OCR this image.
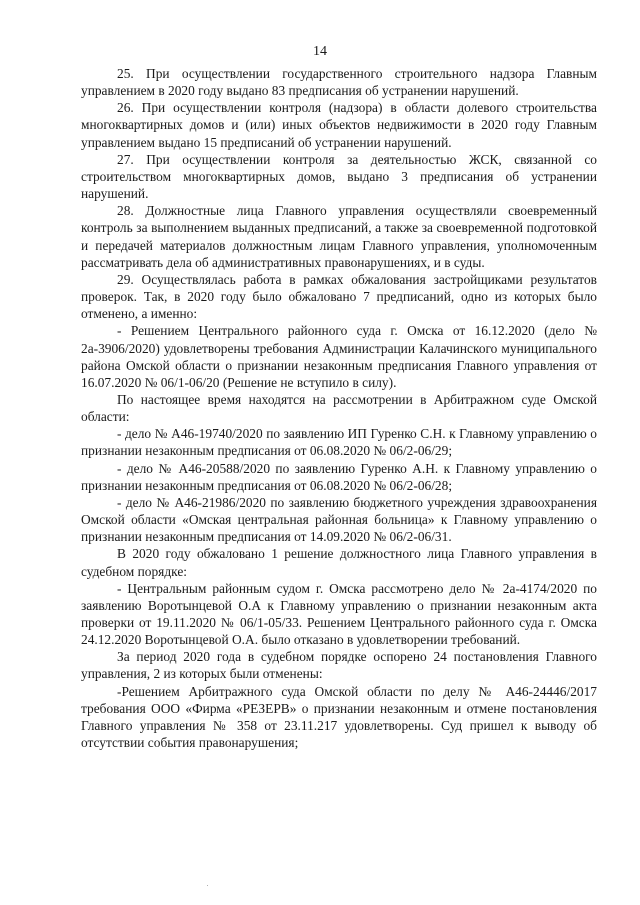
14

25. При осуществлении государственного строительного надзора Главным управлением в 2020 году выдано 83 предписания об устранении нарушений.

26. При осуществлении контроля (надзора) в области долевого строительства многоквартирных домов и (или) иных объектов недвижимости в 2020 году Главным управлением выдано 15 предписаний об устранении нарушений.

27. При осуществлении контроля за деятельностью ЖСК, связанной со строительством многоквартирных домов, выдано 3 предписания об устранении нарушений.

28. Должностные лица Главного управления осуществляли своевременный контроль за выполнением выданных предписаний, а также за своевременной подготовкой и передачей материалов должностным лицам Главного управления, уполномоченным рассматривать дела об административных правонарушениях, и в суды.

29. Осуществлялась работа в рамках обжалования застройщиками результатов проверок. Так, в 2020 году было обжаловано 7 предписаний, одно из которых было отменено, а именно:

- Решением Центрального районного суда г. Омска от 16.12.2020 (дело № 2а-3906/2020) удовлетворены требования Администрации Калачинского муниципального района Омской области о признании незаконным предписания Главного управления от 16.07.2020 № 06/1-06/20 (Решение не вступило в силу).

По настоящее время находятся на рассмотрении в Арбитражном суде Омской области:

- дело № А46-19740/2020 по заявлению ИП Гуренко С.Н. к Главному управлению о признании незаконным предписания от 06.08.2020 № 06/2-06/29;

- дело № А46-20588/2020 по заявлению Гуренко А.Н. к Главному управлению о признании незаконным предписания от 06.08.2020 № 06/2-06/28;

- дело № А46-21986/2020 по заявлению бюджетного учреждения здравоохранения Омской области «Омская центральная районная больница» к Главному управлению о признании незаконным предписания от 14.09.2020 № 06/2-06/31.

В 2020 году обжаловано 1 решение должностного лица Главного управления в судебном порядке:

- Центральным районным судом г. Омска рассмотрено дело № 2а-4174/2020 по заявлению Воротынцевой О.А к Главному управлению о признании незаконным акта проверки от 19.11.2020 № 06/1-05/33. Решением Центрального районного суда г. Омска 24.12.2020 Воротынцевой О.А. было отказано в удовлетворении требований.

За период 2020 года в судебном порядке оспорено 24 постановления Главного управления, 2 из которых были отменены:

-Решением Арбитражного суда Омской области по делу № А46-24446/2017 требования ООО «Фирма «РЕЗЕРВ» о признании незаконным и отмене постановления Главного управления № 358 от 23.11.217 удовлетворены. Суд пришел к выводу об отсутствии события правонарушения;
